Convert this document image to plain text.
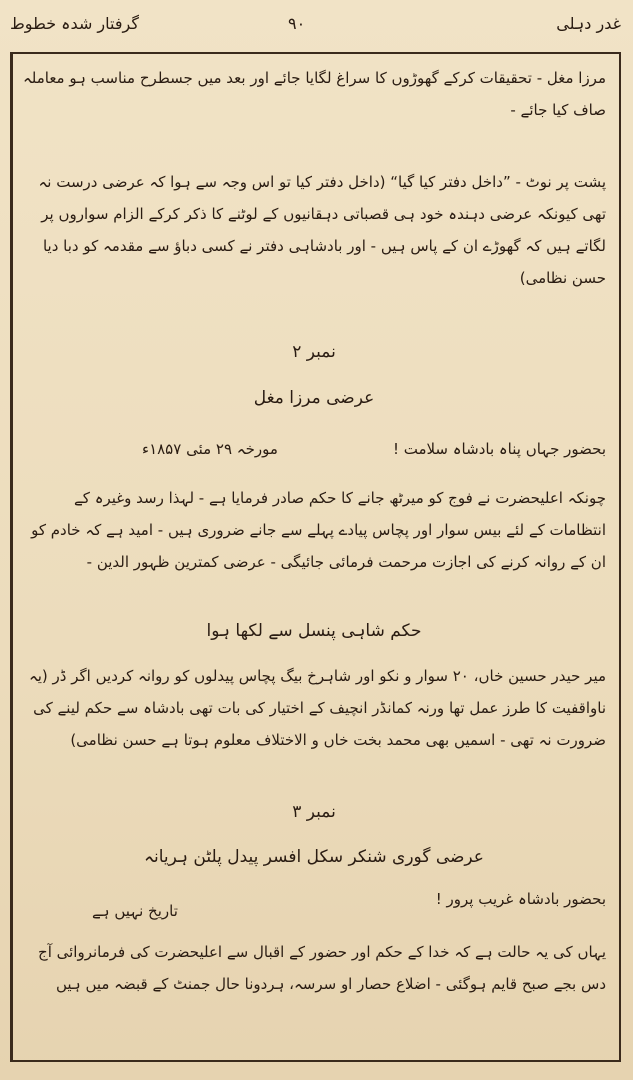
گرفتار شدہ خطوط	۹۰	غدر دہلی

مرزا مغل - تحقیقات کرکے گھوڑوں کا سراغ لگایا جائے اور بعد میں جسطرح مناسب ہو معاملہ صاف کیا جائے -

پشت پر نوٹ - ”داخل دفتر کیا گیا“ (داخل دفتر کیا تو اس وجہ سے ہوا کہ عرضی درست نہ تھی کیونکہ عرضی دہندہ خود ہی قصباتی دہقانیوں کے لوٹنے کا ذکر کرکے الزام سواروں پر لگاتے ہیں کہ گھوڑے ان کے پاس ہیں - اور بادشاہی دفتر نے کسی دباؤ سے مقدمہ کو دبا دیا حسن نظامی)

نمبر ۲
عرضی مرزا مغل
بحضور جہاں پناہ بادشاہ سلامت !
مورخہ ۲۹ مئی ۱۸۵۷ء

چونکہ اعلیحضرت نے فوج کو میرٹھ جانے کا حکم صادر فرمایا ہے - لہذا رسد وغیرہ کے انتظامات کے لئے بیس سوار اور پچاس پیادے پہلے سے جانے ضروری ہیں - امید ہے کہ خادم کو ان کے روانہ کرنے کی اجازت مرحمت فرمائی جائیگی - عرضی کمترین ظہور الدین -

حکم شاہی پنسل سے لکھا ہوا

میر حیدر حسین خاں، ۲۰ سوار و نکو اور شاہرخ بیگ پچاس پیدلوں کو روانہ کردیں اگر ڈر (یہ ناواقفیت کا طرز عمل تھا ورنہ کمانڈر انچیف کے اختیار کی بات تھی بادشاہ سے حکم لینے کی ضرورت نہ تھی - اسمیں بھی محمد بخت خاں و الاختلاف معلوم ہوتا ہے حسن نظامی)

نمبر ۳
عرضی گوری شنکر سکل افسر پیدل پلٹن ہریانہ
بحضور بادشاہ غریب پرور !
تاریخ نہیں ہے

یہاں کی یہ حالت ہے کہ خدا کے حکم اور حضور کے اقبال سے اعلیحضرت کی فرمانروائی آج دس بجے صبح قایم ہوگئی - اضلاع حصار او سرسہ، ہردونا حال جمنٹ کے قبضہ میں ہیں
